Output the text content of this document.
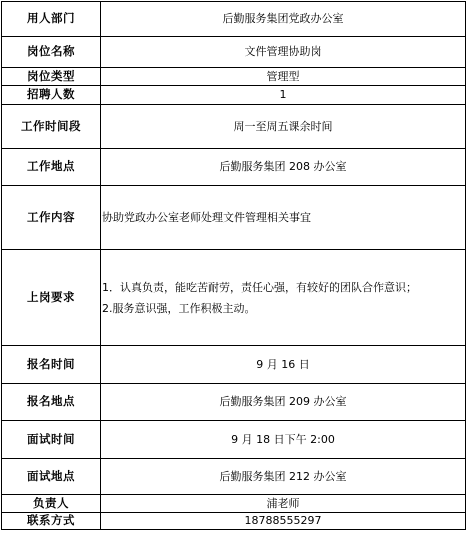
用人部门	后勤服务集团党政办公室
岗位名称	文件管理协助岗
岗位类型	管理型
招聘人数	1
工作时间段	周一至周五课余时间
工作地点	后勤服务集团 208 办公室
工作内容	协助党政办公室老师处理文件管理相关事宜
上岗要求	1．认真负责，能吃苦耐劳，责任心强，有较好的团队合作意识；
2.服务意识强，工作积极主动。

报名时间	9 月 16 日
报名地点	后勤服务集团 209 办公室
面试时间	9 月 18 日下午 2:00
面试地点	后勤服务集团 212 办公室
负责人	浦老师
联系方式	18788555297
